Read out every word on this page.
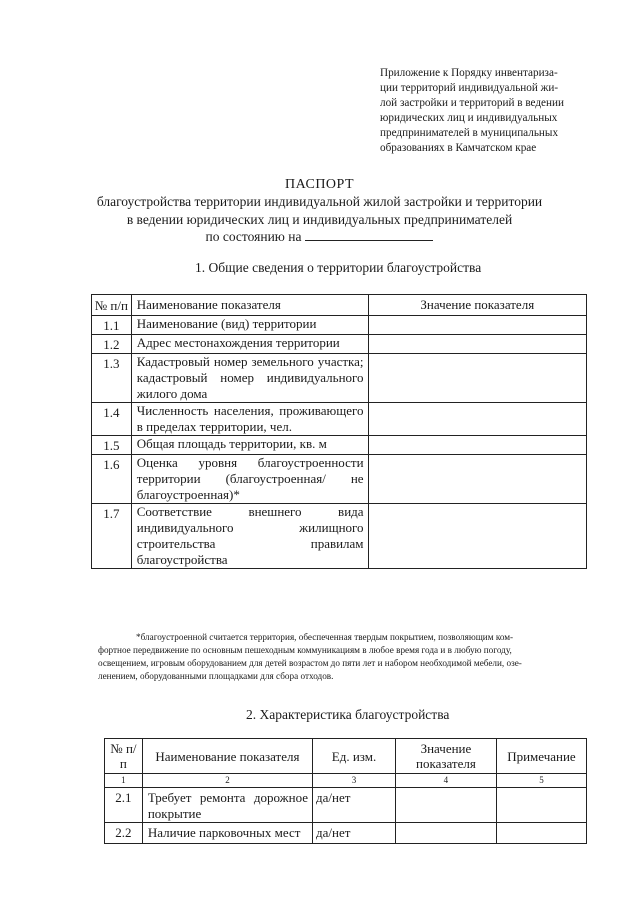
Приложение к Порядку инвентариза-
ции территорий индивидуальной жи-
лой застройки и территорий в ведении
юридических лиц и индивидуальных
предпринимателей в муниципальных
образованиях в Камчатском крае
ПАСПОРТ
благоустройства территории индивидуальной жилой застройки и территории
в ведении юридических лиц и индивидуальных предпринимателей
по состоянию на
1. Общие сведения о территории благоустройства
№ п/п	Наименование показателя	Значение показателя
1.1	Наименование (вид) территории	
1.2	Адрес местонахождения территории	
1.3	Кадастровый номер земельного участка; кадастровый номер индивидуального жилого дома	
1.4	Численность населения, проживающего в пределах территории, чел.	
1.5	Общая площадь территории, кв. м	
1.6	Оценка уровня благоустроенности территории (благоустроенная/ не благоустроенная)*	
1.7	Соответствие внешнего вида индивидуального жилищного строительства правилам благоустройства	
*благоустроенной считается территория, обеспеченная твердым покрытием, позволяющим ком-
фортное передвижение по основным пешеходным коммуникациям в любое время года и в любую погоду,
освещением, игровым оборудованием для детей возрастом до пяти лет и набором необходимой мебели, озе-
ленением, оборудованными площадками для сбора отходов.
2. Характеристика благоустройства
№ п/п	Наименование показателя	Ед. изм.	Значение показателя	Примечание
1	2	3	4	5
2.1	Требует ремонта дорожное покрытие	да/нет		
2.2	Наличие парковочных мест	да/нет		
